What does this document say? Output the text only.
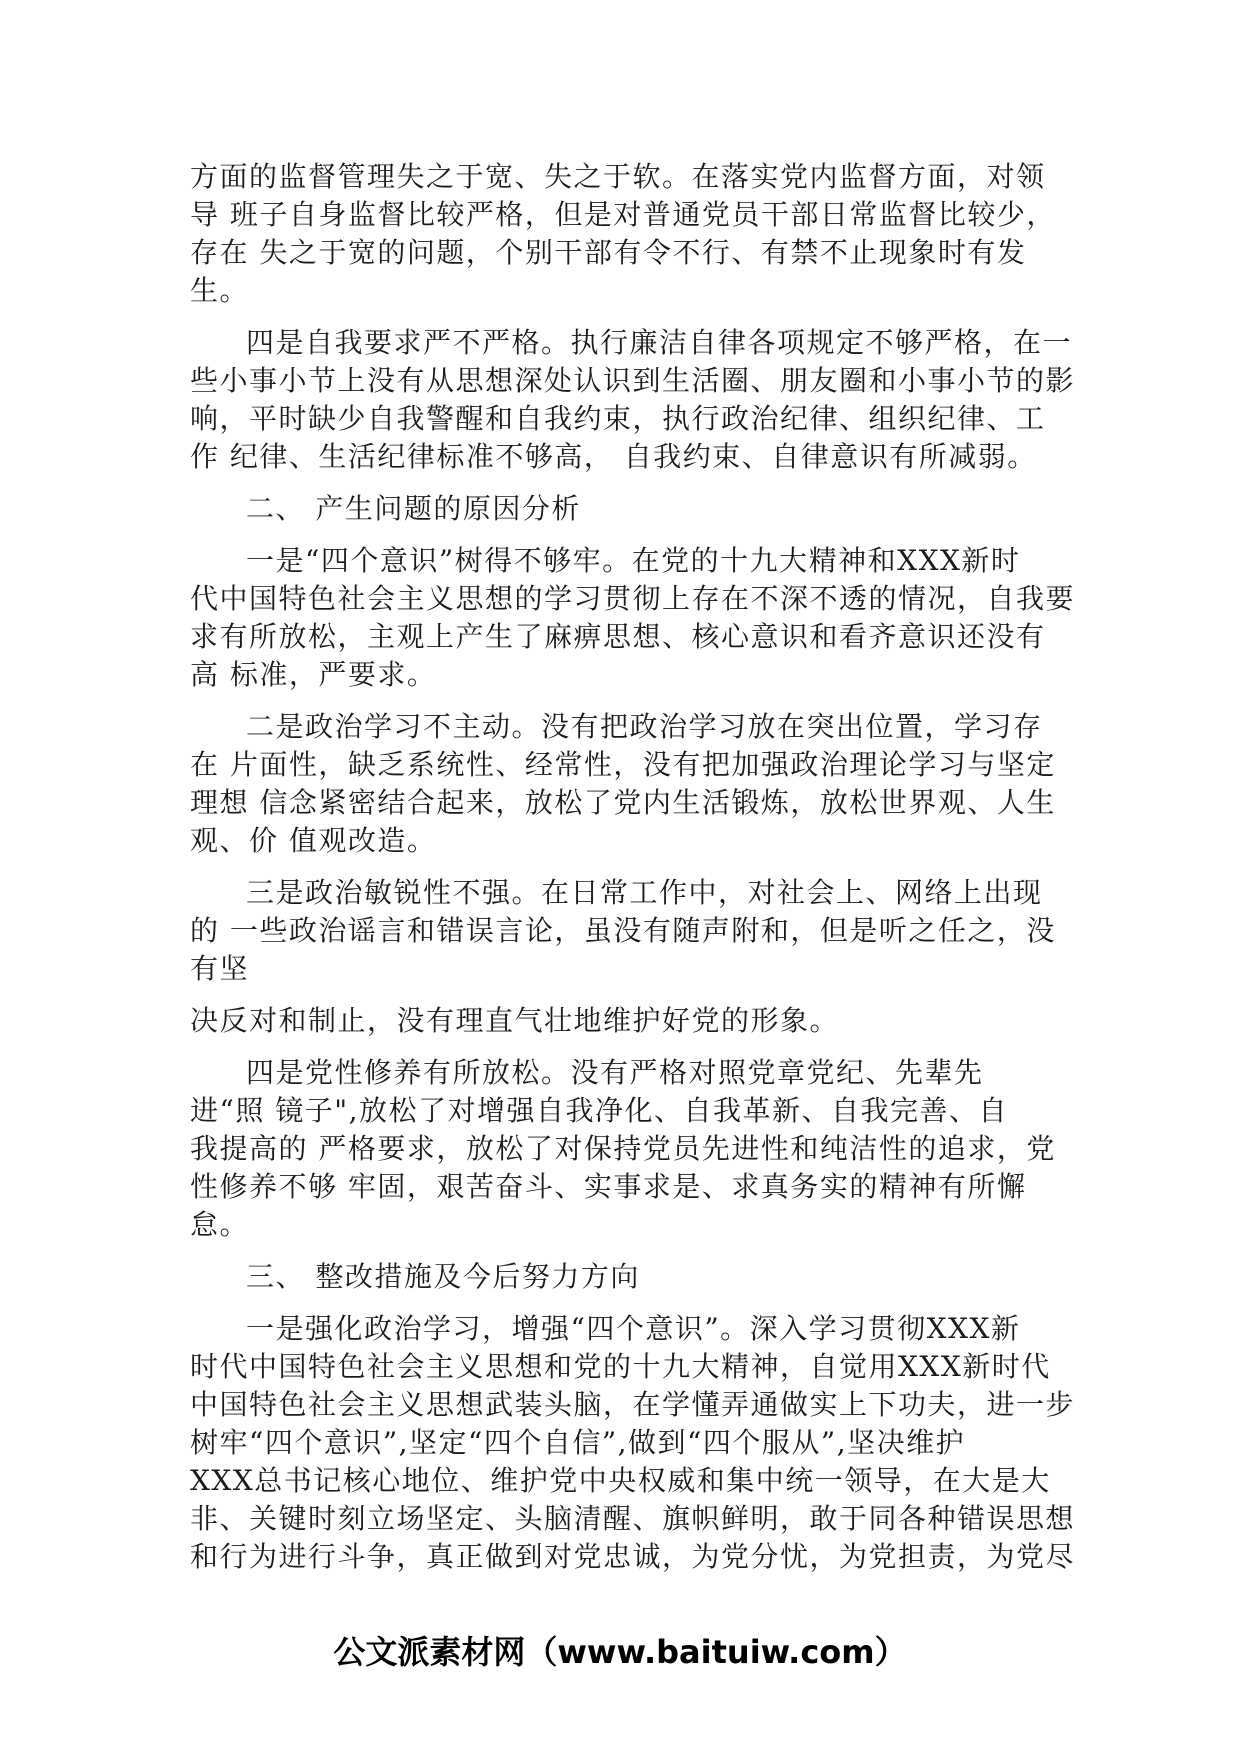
方面的监督管理失之于宽、失之于软。在落实党内监督方面，对领
导 班子自身监督比较严格，但是对普通党员干部日常监督比较少，
存在 失之于宽的问题，个别干部有令不行、有禁不止现象时有发
生。
四是自我要求严不严格。执行廉洁自律各项规定不够严格，在一
些小事小节上没有从思想深处认识到生活圈、朋友圈和小事小节的影
响，平时缺少自我警醒和自我约束，执行政治纪律、组织纪律、工
作 纪律、生活纪律标准不够高， 自我约束、自律意识有所减弱。
二、 产生问题的原因分析
一是“四个意识”树得不够牢。在党的十九大精神和XXX新时
代中国特色社会主义思想的学习贯彻上存在不深不透的情况，自我要
求有所放松，主观上产生了麻痹思想、核心意识和看齐意识还没有
高 标准，严要求。
二是政治学习不主动。没有把政治学习放在突出位置，学习存
在 片面性，缺乏系统性、经常性，没有把加强政治理论学习与坚定
理想 信念紧密结合起来，放松了党内生活锻炼，放松世界观、人生
观、价 值观改造。
三是政治敏锐性不强。在日常工作中，对社会上、网络上出现
的 一些政治谣言和错误言论，虽没有随声附和，但是听之任之，没
有坚
决反对和制止，没有理直气壮地维护好党的形象。
四是党性修养有所放松。没有严格对照党章党纪、先辈先
进“照 镜子",放松了对增强自我净化、自我革新、自我完善、自
我提高的 严格要求，放松了对保持党员先进性和纯洁性的追求，党
性修养不够 牢固，艰苦奋斗、实事求是、求真务实的精神有所懈
怠。
三、 整改措施及今后努力方向
一是强化政治学习，增强“四个意识”。深入学习贯彻XXX新
时代中国特色社会主义思想和党的十九大精神，自觉用XXX新时代
中国特色社会主义思想武装头脑，在学懂弄通做实上下功夫，进一步
树牢“四个意识”,坚定“四个自信”,做到“四个服从”,坚决维护
XXX总书记核心地位、维护党中央权威和集中统一领导，在大是大
非、关键时刻立场坚定、头脑清醒、旗帜鲜明，敢于同各种错误思想
和行为进行斗争，真正做到对党忠诚，为党分忧，为党担责，为党尽
公文派素材网（www.baituiw.com）
